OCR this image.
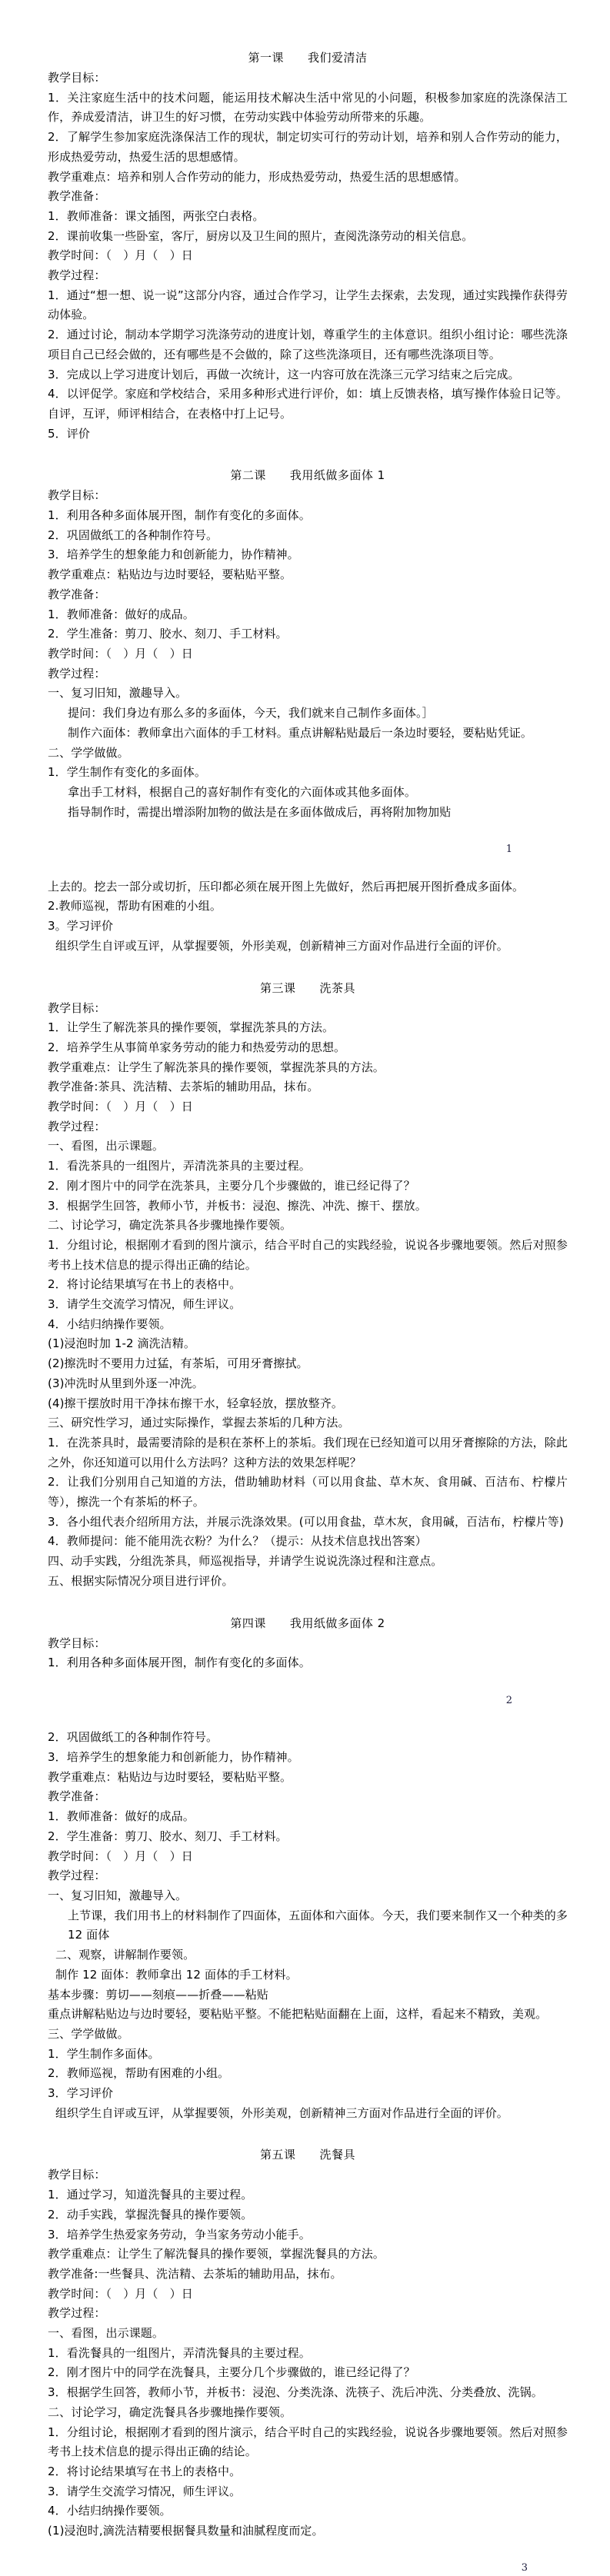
第一课　　我们爱清洁

教学目标：

1．关注家庭生活中的技术问题，能运用技术解决生活中常见的小问题，积极参加家庭的洗涤保洁工作，养成爱清洁，讲卫生的好习惯，在劳动实践中体验劳动所带来的乐趣。

2．了解学生参加家庭洗涤保洁工作的现状，制定切实可行的劳动计划，培养和别人合作劳动的能力，形成热爱劳动，热爱生活的思想感情。

教学重难点：培养和别人合作劳动的能力，形成热爱劳动，热爱生活的思想感情。

教学准备：

1．教师准备：课文插图，两张空白表格。

2．课前收集一些卧室，客厅，厨房以及卫生间的照片，查阅洗涤劳动的相关信息。

教学时间：（　）月（　）日

教学过程：

1．通过“想一想、说一说”这部分内容，通过合作学习，让学生去探索，去发现，通过实践操作获得劳动体验。

2．通过讨论，制动本学期学习洗涤劳动的进度计划，尊重学生的主体意识。组织小组讨论：哪些洗涤项目自己已经会做的，还有哪些是不会做的，除了这些洗涤项目，还有哪些洗涤项目等。

3．完成以上学习进度计划后，再做一次统计，这一内容可放在洗涤三元学习结束之后完成。

4．以评促学。家庭和学校结合，采用多种形式进行评价，如：填上反馈表格，填写操作体验日记等。自评，互评，师评相结合，在表格中打上记号。

5．评价

第二课　　我用纸做多面体 1

教学目标：

1．利用各种多面体展开图，制作有变化的多面体。

2．巩固做纸工的各种制作符号。

3．培养学生的想象能力和创新能力，协作精神。

教学重难点：粘贴边与边时要轻，要粘贴平整。

教学准备：

1．教师准备：做好的成品。

2．学生准备：剪刀、胶水、刻刀、手工材料。

教学时间：（　）月（　）日

教学过程：

一、复习旧知，激趣导入。

提问：我们身边有那么多的多面体，今天，我们就来自己制作多面体。］

制作六面体：教师拿出六面体的手工材料。重点讲解粘贴最后一条边时要轻，要粘贴凭证。

二、学学做做。

1．学生制作有变化的多面体。

拿出手工材料，根据自己的喜好制作有变化的六面体或其他多面体。

指导制作时，需提出增添附加物的做法是在多面体做成后，再将附加物加贴

1

上去的。挖去一部分或切折，压印都必须在展开图上先做好，然后再把展开图折叠成多面体。

2.教师巡视，帮助有困难的小组。

3。学习评价

组织学生自评或互评，从掌握要领，外形美观，创新精神三方面对作品进行全面的评价。

第三课　　洗茶具

教学目标：

1．让学生了解洗茶具的操作要领，掌握洗茶具的方法。

2．培养学生从事简单家务劳动的能力和热爱劳动的思想。

教学重难点：让学生了解洗茶具的操作要领，掌握洗茶具的方法。

教学准备:茶具、洗洁精、去茶垢的辅助用品，抹布。

教学时间：（　）月（　）日

教学过程：

一、看图，出示课题。

1．看洗茶具的一组图片，弄清洗茶具的主要过程。

2．刚才图片中的同学在洗茶具，主要分几个步骤做的，谁已经记得了？

3．根据学生回答，教师小节，并板书：浸泡、擦洗、冲洗、擦干、摆放。

二、讨论学习，确定洗茶具各步骤地操作要领。

1．分组讨论，根据刚才看到的图片演示，结合平时自己的实践经验，说说各步骤地要领。然后对照参考书上技术信息的提示得出正确的结论。

2．将讨论结果填写在书上的表格中。

3．请学生交流学习情况，师生评议。

4．小结归纳操作要领。

(1)浸泡时加 1-2 滴洗洁精。

(2)擦洗时不要用力过猛，有茶垢，可用牙膏擦拭。

(3)冲洗时从里到外逐一冲洗。

(4)擦干摆放时用干净抹布擦干水，轻拿轻放，摆放整齐。

三、研究性学习，通过实际操作，掌握去茶垢的几种方法。

1．在洗茶具时，最需要清除的是积在茶杯上的茶垢。我们现在已经知道可以用牙膏擦除的方法，除此之外，你还知道可以用什么方法吗？这种方法的效果怎样呢？

2．让我们分别用自己知道的方法，借助辅助材料（可以用食盐、草木灰、食用碱、百洁布、柠檬片等），擦洗一个有茶垢的杯子。

3．各小组代表介绍所用方法，并展示洗涤效果。(可以用食盐，草木灰，食用碱，百洁布，柠檬片等)

4．教师提问：能不能用洗衣粉？为什么？（提示：从技术信息找出答案）

四、动手实践，分组洗茶具，师巡视指导，并请学生说说洗涤过程和注意点。

五、根据实际情况分项目进行评价。

第四课　　我用纸做多面体 2

教学目标：

1．利用各种多面体展开图，制作有变化的多面体。

2

2．巩固做纸工的各种制作符号。

3．培养学生的想象能力和创新能力，协作精神。

教学重难点：粘贴边与边时要轻，要粘贴平整。

教学准备：

1．教师准备：做好的成品。

2．学生准备：剪刀、胶水、刻刀、手工材料。

教学时间：（　）月（　）日

教学过程：

一、复习旧知，激趣导入。

上节课，我们用书上的材料制作了四面体，五面体和六面体。今天，我们要来制作又一个种类的多 12 面体

二、观察，讲解制作要领。

制作 12 面体：教师拿出 12 面体的手工材料。

基本步骤：剪切——刻痕——折叠——粘贴

重点讲解粘贴边与边时要轻，要粘贴平整。不能把粘贴面翻在上面，这样，看起来不精致，美观。

三、学学做做。

1．学生制作多面体。

2．教师巡视，帮助有困难的小组。

3．学习评价

组织学生自评或互评，从掌握要领，外形美观，创新精神三方面对作品进行全面的评价。

第五课　　洗餐具

教学目标：

1．通过学习，知道洗餐具的主要过程。

2．动手实践，掌握洗餐具的操作要领。

3．培养学生热爱家务劳动，争当家务劳动小能手。

教学重难点：让学生了解洗餐具的操作要领，掌握洗餐具的方法。

教学准备:一些餐具、洗洁精、去茶垢的辅助用品，抹布。

教学时间：（　）月（　）日

教学过程：

一、看图，出示课题。

1．看洗餐具的一组图片，弄清洗餐具的主要过程。

2．刚才图片中的同学在洗餐具，主要分几个步骤做的，谁已经记得了？

3．根据学生回答，教师小节，并板书：浸泡、分类洗涤、洗筷子、洗后冲洗、分类叠放、洗锅。

二、讨论学习，确定洗餐具各步骤地操作要领。

1．分组讨论，根据刚才看到的图片演示，结合平时自己的实践经验，说说各步骤地要领。然后对照参考书上技术信息的提示得出正确的结论。

2．将讨论结果填写在书上的表格中。

3．请学生交流学习情况，师生评议。

4．小结归纳操作要领。

(1)浸泡时,滴洗洁精要根据餐具数量和油腻程度而定。

3
